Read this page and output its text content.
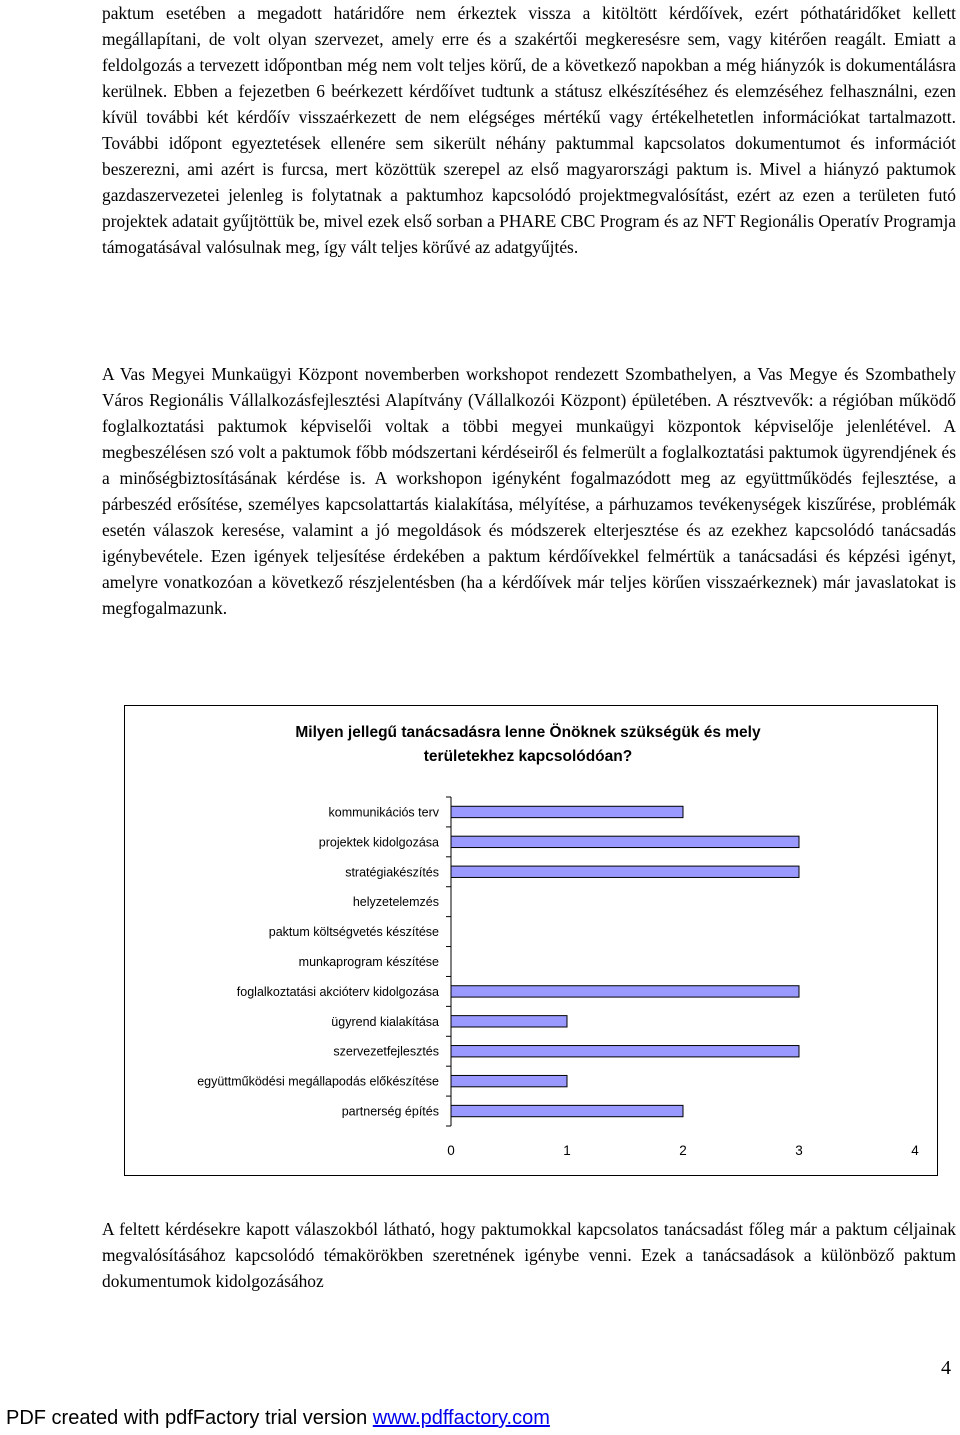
paktum esetében a megadott határidőre nem érkeztek vissza a kitöltött kérdőívek, ezért póthatáridőket kellett megállapítani, de volt olyan szervezet, amely erre és a szakértői megkeresésre sem, vagy kitérően reagált. Emiatt a feldolgozás a tervezett időpontban még nem volt teljes körű, de a következő napokban a még hiányzók is dokumentálásra kerülnek. Ebben a fejezetben 6 beérkezett kérdőívet tudtunk a státusz elkészítéséhez és elemzéséhez felhasználni, ezen kívül további két kérdőív visszaérkezett de nem elégséges mértékű vagy értékelhetetlen információkat tartalmazott. További időpont egyeztetések ellenére sem sikerült néhány paktummal kapcsolatos dokumentumot és információt beszerezni, ami azért is furcsa, mert közöttük szerepel az első magyarországi paktum is. Mivel a hiányzó paktumok gazdaszervezetei jelenleg is folytatnak a paktumhoz kapcsolódó projektmegvalósítást, ezért az ezen a területen futó projektek adatait gyűjtöttük be, mivel ezek első sorban a PHARE CBC Program és az NFT Regionális Operatív Programja támogatásával valósulnak meg, így vált teljes körűvé az adatgyűjtés.

A Vas Megyei Munkaügyi Központ novemberben workshopot rendezett Szombathelyen, a Vas Megye és Szombathely Város Regionális Vállalkozásfejlesztési Alapítvány (Vállalkozói Központ) épületében. A résztvevők: a régióban működő foglalkoztatási paktumok képviselői voltak a többi megyei munkaügyi központok képviselője jelenlétével. A megbeszélésen szó volt a paktumok főbb módszertani kérdéseiről és felmerült a foglalkoztatási paktumok ügyrendjének és a minőségbiztosításának kérdése is. A workshopon igényként fogalmazódott meg az együttműködés fejlesztése, a párbeszéd erősítése, személyes kapcsolattartás kialakítása, mélyítése, a párhuzamos tevékenységek kiszűrése, problémák esetén válaszok keresése, valamint a jó megoldások és módszerek elterjesztése és az ezekhez kapcsolódó tanácsadás igénybevétele. Ezen igények teljesítése érdekében a paktum kérdőívekkel felmértük a tanácsadási és képzési igényt, amelyre vonatkozóan a következő részjelentésben (ha a kérdőívek már teljes körűen visszaérkeznek) már javaslatokat is megfogalmazunk.

Milyen jellegű tanácsadásra lenne Önöknek szükségük és mely
területekhez kapcsolódóan?
kommunikációs terv
projektek kidolgozása
stratégiakészítés
helyzetelemzés
paktum költségvetés készítése
munkaprogram készítése
foglalkoztatási akcióterv kidolgozása
ügyrend kialakítása
szervezetfejlesztés
együttműködési megállapodás előkészítése
partnerség építés
0	1	2	3	4

A feltett kérdésekre kapott válaszokból látható, hogy paktumokkal kapcsolatos tanácsadást főleg már a paktum céljainak megvalósításához kapcsolódó témakörökben szeretnének igénybe venni. Ezek a tanácsadások a különböző paktum dokumentumok kidolgozásához

4
PDF created with pdfFactory trial version www.pdffactory.com
